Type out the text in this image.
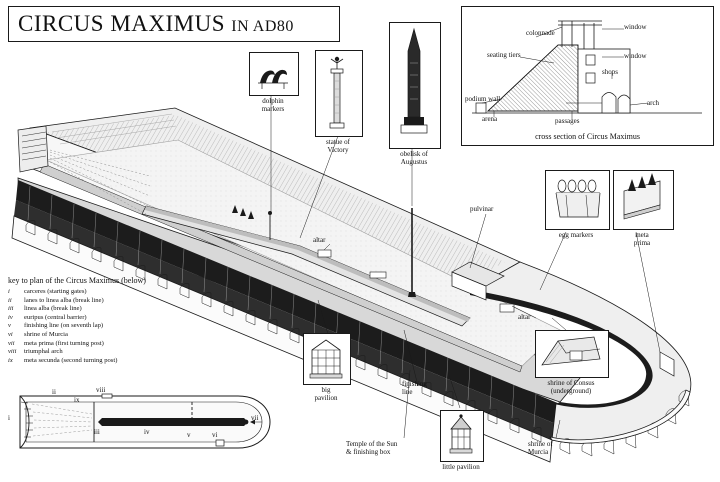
CIRCUS MAXIMUS IN AD80	window
window
colonnade
seating tiers
podium wall
arena	passages
shops
arch
cross section of Circus Maximus
dolphin
markers
statue of
Victory	obelisk of
Augustus
egg markers	meta
prima
shrine of Consus
(underground)
big
pavilion
little pavilion
altar
altar
pulvinar
finishing
line
Temple of the Sun
& finishing box
shrine of
Murcia
key to plan of the Circus Maximus (below)
i	carceres (starting gates)
ii	lanes to linea alba (break line)
iii	linea alba (break line)
iv	euripus (central barrier)
v	finishing line (on seventh lap)
vi	shrine of Murcia
vii	meta prima (first turning post)
viii	triumphal arch
ix	meta secunda (second turning post)
i
ii
ix
viii
iii	iv	v	vi
vii
